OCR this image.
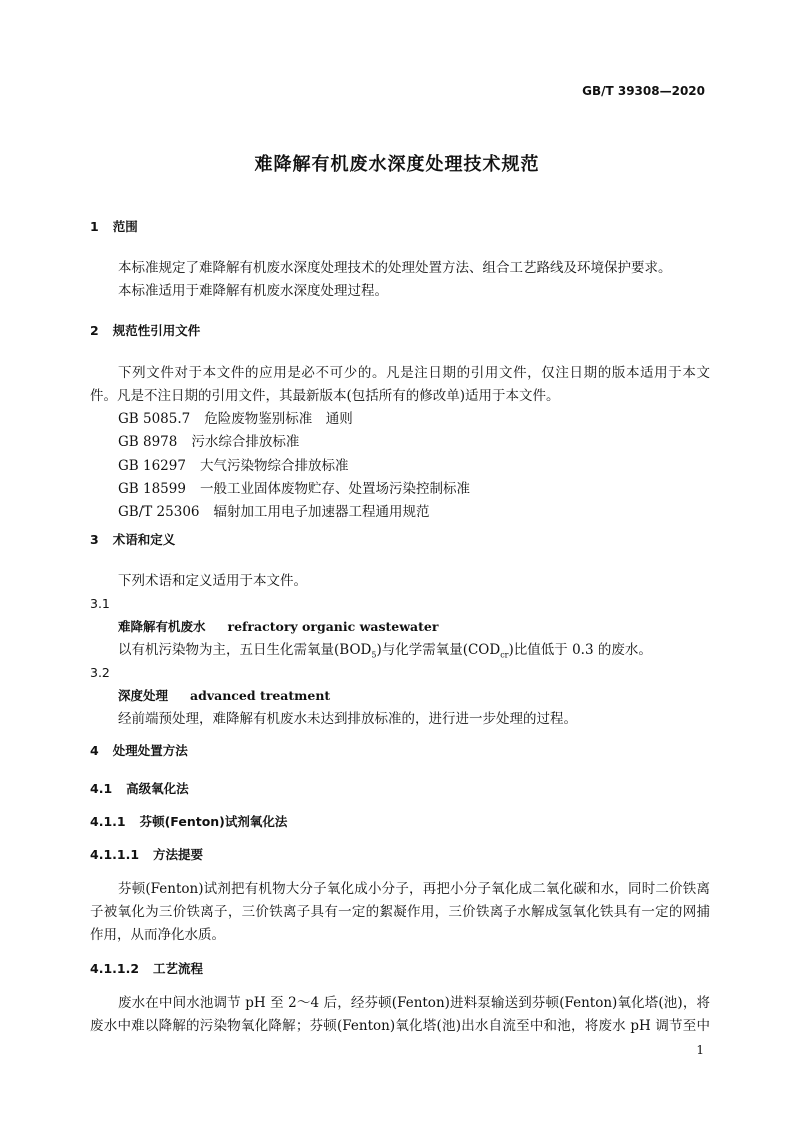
GB/T 39308—2020
难降解有机废水深度处理技术规范
1 范围
本标准规定了难降解有机废水深度处理技术的处理处置方法、组合工艺路线及环境保护要求。
本标准适用于难降解有机废水深度处理过程。
2 规范性引用文件
下列文件对于本文件的应用是必不可少的。凡是注日期的引用文件，仅注日期的版本适用于本文
件。凡是不注日期的引用文件，其最新版本(包括所有的修改单)适用于本文件。
GB 5085.7 危险废物鉴别标准　通则
GB 8978 污水综合排放标准
GB 16297 大气污染物综合排放标准
GB 18599 一般工业固体废物贮存、处置场污染控制标准
GB/T 25306 辐射加工用电子加速器工程通用规范
3 术语和定义
下列术语和定义适用于本文件。
3.1
难降解有机废水 refractory organic wastewater
以有机污染物为主，五日生化需氧量$(BOD_5)$与化学需氧量$(COD_{cr})$比值低于 0.3 的废水。
3.2
深度处理 advanced treatment
经前端预处理，难降解有机废水未达到排放标准的，进行进一步处理的过程。
4 处理处置方法
4.1 高级氧化法
4.1.1 芬顿(Fenton)试剂氧化法
4.1.1.1 方法提要
芬顿(Fenton)试剂把有机物大分子氧化成小分子，再把小分子氧化成二氧化碳和水，同时二价铁离
子被氧化为三价铁离子，三价铁离子具有一定的絮凝作用，三价铁离子水解成氢氧化铁具有一定的网捕
作用，从而净化水质。
4.1.1.2 工艺流程
废水在中间水池调节 pH 至 2～4 后，经芬顿(Fenton)进料泵输送到芬顿(Fenton)氧化塔(池)，将
废水中难以降解的污染物氧化降解；芬顿(Fenton)氧化塔(池)出水自流至中和池，将废水 pH 调节至中
1
